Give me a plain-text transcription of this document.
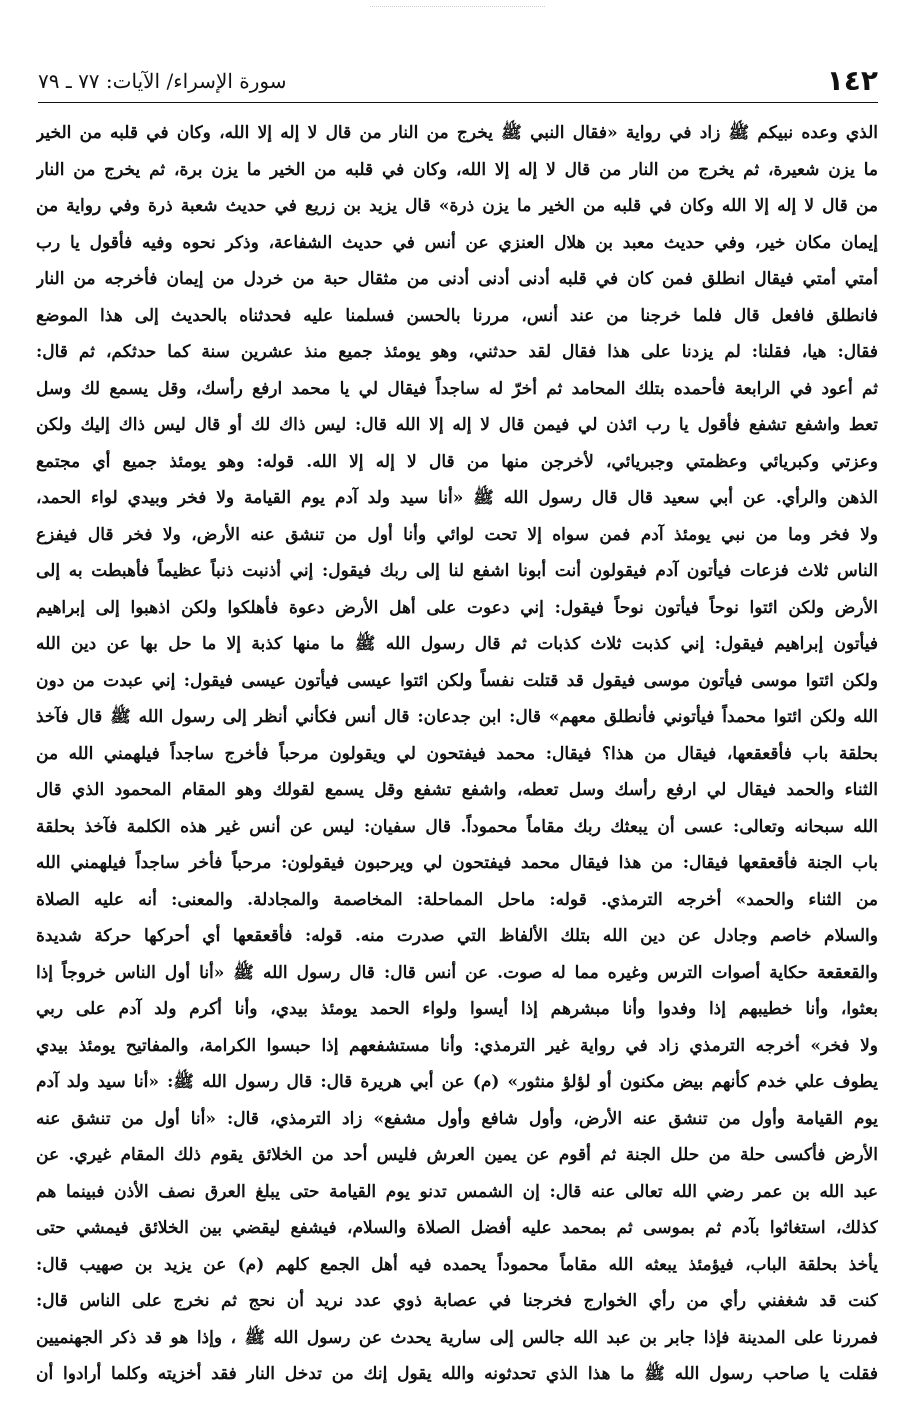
١٤٢
سورة الإسراء/ الآيات: ٧٧ ـ ٧٩
الذي وعده نبيكم ﷺ زاد في رواية «فقال النبي ﷺ يخرج من النار من قال لا إله إلا الله، وكان في قلبه من الخير
ما يزن شعيرة، ثم يخرج من النار من قال لا إله إلا الله، وكان في قلبه من الخير ما يزن برة، ثم يخرج من النار
من قال لا إله إلا الله وكان في قلبه من الخير ما يزن ذرة» قال يزيد بن زريع في حديث شعبة ذرة وفي رواية من
إيمان مكان خير، وفي حديث معبد بن هلال العنزي عن أنس في حديث الشفاعة، وذكر نحوه وفيه فأقول يا رب
أمتي أمتي فيقال انطلق فمن كان في قلبه أدنى أدنى أدنى من مثقال حبة من خردل من إيمان فأخرجه من النار
فانطلق فافعل قال فلما خرجنا من عند أنس، مررنا بالحسن فسلمنا عليه فحدثناه بالحديث إلى هذا الموضع
فقال: هيا، فقلنا: لم يزدنا على هذا فقال لقد حدثني، وهو يومئذ جميع منذ عشرين سنة كما حدثكم، ثم قال:
ثم أعود في الرابعة فأحمده بتلك المحامد ثم أخرّ له ساجداً فيقال لي يا محمد ارفع رأسك، وقل يسمع لك وسل
تعط واشفع تشفع فأقول يا رب ائذن لي فيمن قال لا إله إلا الله قال: ليس ذاك لك أو قال ليس ذاك إليك ولكن
وعزتي وكبريائي وعظمتي وجبريائي، لأخرجن منها من قال لا إله إلا الله. قوله: وهو يومئذ جميع أي مجتمع
الذهن والرأي. عن أبي سعيد قال قال رسول الله ﷺ «أنا سيد ولد آدم يوم القيامة ولا فخر وبيدي لواء الحمد،
ولا فخر وما من نبي يومئذ آدم فمن سواه إلا تحت لوائي وأنا أول من تنشق عنه الأرض، ولا فخر قال فيفزع
الناس ثلاث فزعات فيأتون آدم فيقولون أنت أبونا اشفع لنا إلى ربك فيقول: إني أذنبت ذنباً عظيماً فأهبطت به إلى
الأرض ولكن ائتوا نوحاً فيأتون نوحاً فيقول: إني دعوت على أهل الأرض دعوة فأهلكوا ولكن اذهبوا إلى إبراهيم
فيأتون إبراهيم فيقول: إني كذبت ثلاث كذبات ثم قال رسول الله ﷺ ما منها كذبة إلا ما حل بها عن دين الله
ولكن ائتوا موسى فيأتون موسى فيقول قد قتلت نفساً ولكن ائتوا عيسى فيأتون عيسى فيقول: إني عبدت من دون
الله ولكن ائتوا محمداً فيأتوني فأنطلق معهم» قال: ابن جدعان: قال أنس فكأني أنظر إلى رسول الله ﷺ قال فآخذ
بحلقة باب فأقعقعها، فيقال من هذا؟ فيقال: محمد فيفتحون لي ويقولون مرحباً فأخرج ساجداً فيلهمني الله من
الثناء والحمد فيقال لي ارفع رأسك وسل تعطه، واشفع تشفع وقل يسمع لقولك وهو المقام المحمود الذي قال
الله سبحانه وتعالى: عسى أن يبعثك ربك مقاماً محموداً. قال سفيان: ليس عن أنس غير هذه الكلمة فآخذ بحلقة
باب الجنة فأقعقعها فيقال: من هذا فيقال محمد فيفتحون لي ويرحبون فيقولون: مرحباً فأخر ساجداً فيلهمني الله
من الثناء والحمد» أخرجه الترمذي. قوله: ماحل المماحلة: المخاصمة والمجادلة. والمعنى: أنه عليه الصلاة
والسلام خاصم وجادل عن دين الله بتلك الألفاظ التي صدرت منه. قوله: فأقعقعها أي أحركها حركة شديدة
والقعقعة حكاية أصوات الترس وغيره مما له صوت. عن أنس قال: قال رسول الله ﷺ «أنا أول الناس خروجاً إذا
بعثوا، وأنا خطيبهم إذا وفدوا وأنا مبشرهم إذا أيسوا ولواء الحمد يومئذ بيدي، وأنا أكرم ولد آدم على ربي
ولا فخر» أخرجه الترمذي زاد في رواية غير الترمذي: وأنا مستشفعهم إذا حبسوا الكرامة، والمفاتيح يومئذ بيدي
يطوف علي خدم كأنهم بيض مكنون أو لؤلؤ منثور» (م) عن أبي هريرة قال: قال رسول الله ﷺ: «أنا سيد ولد آدم
يوم القيامة وأول من تنشق عنه الأرض، وأول شافع وأول مشفع» زاد الترمذي، قال: «أنا أول من تنشق عنه
الأرض فأكسى حلة من حلل الجنة ثم أقوم عن يمين العرش فليس أحد من الخلائق يقوم ذلك المقام غيري. عن
عبد الله بن عمر رضي الله تعالى عنه قال: إن الشمس تدنو يوم القيامة حتى يبلغ العرق نصف الأذن فبينما هم
كذلك، استغاثوا بآدم ثم بموسى ثم بمحمد عليه أفضل الصلاة والسلام، فيشفع ليقضي بين الخلائق فيمشي حتى
يأخذ بحلقة الباب، فيؤمئذ يبعثه الله مقاماً محموداً يحمده فيه أهل الجمع كلهم (م) عن يزيد بن صهيب قال:
كنت قد شغفني رأي من رأي الخوارج فخرجنا في عصابة ذوي عدد نريد أن نحج ثم نخرج على الناس قال:
فمررنا على المدينة فإذا جابر بن عبد الله جالس إلى سارية يحدث عن رسول الله ﷺ ، وإذا هو قد ذكر الجهنميين
فقلت يا صاحب رسول الله ﷺ ما هذا الذي تحدثونه والله يقول إنك من تدخل النار فقد أخزيته وكلما أرادوا أن
